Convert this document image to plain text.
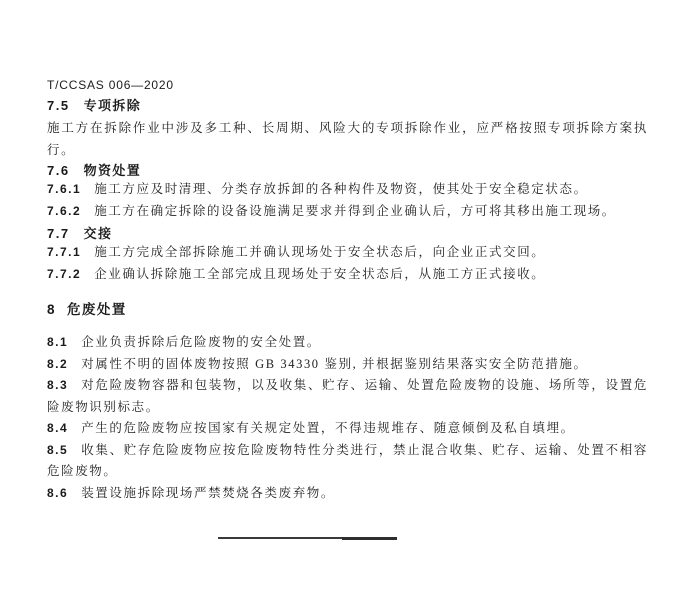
T/CCSAS 006—2020

7.5 专项拆除

施工方在拆除作业中涉及多工种、长周期、风险大的专项拆除作业，应严格按照专项拆除方案执行。

7.6 物资处置

7.6.1 施工方应及时清理、分类存放拆卸的各种构件及物资，使其处于安全稳定状态。

7.6.2 施工方在确定拆除的设备设施满足要求并得到企业确认后，方可将其移出施工现场。

7.7 交接

7.7.1 施工方完成全部拆除施工并确认现场处于安全状态后，向企业正式交回。

7.7.2 企业确认拆除施工全部完成且现场处于安全状态后，从施工方正式接收。

8 危废处置

8.1 企业负责拆除后危险废物的安全处置。

8.2 对属性不明的固体废物按照 GB 34330 鉴别, 并根据鉴别结果落实安全防范措施。

8.3 对危险废物容器和包装物，以及收集、贮存、运输、处置危险废物的设施、场所等，设置危险废物识别标志。

8.4 产生的危险废物应按国家有关规定处置，不得违规堆存、随意倾倒及私自填埋。

8.5 收集、贮存危险废物应按危险废物特性分类进行，禁止混合收集、贮存、运输、处置不相容危险废物。

8.6 装置设施拆除现场严禁焚烧各类废弃物。
